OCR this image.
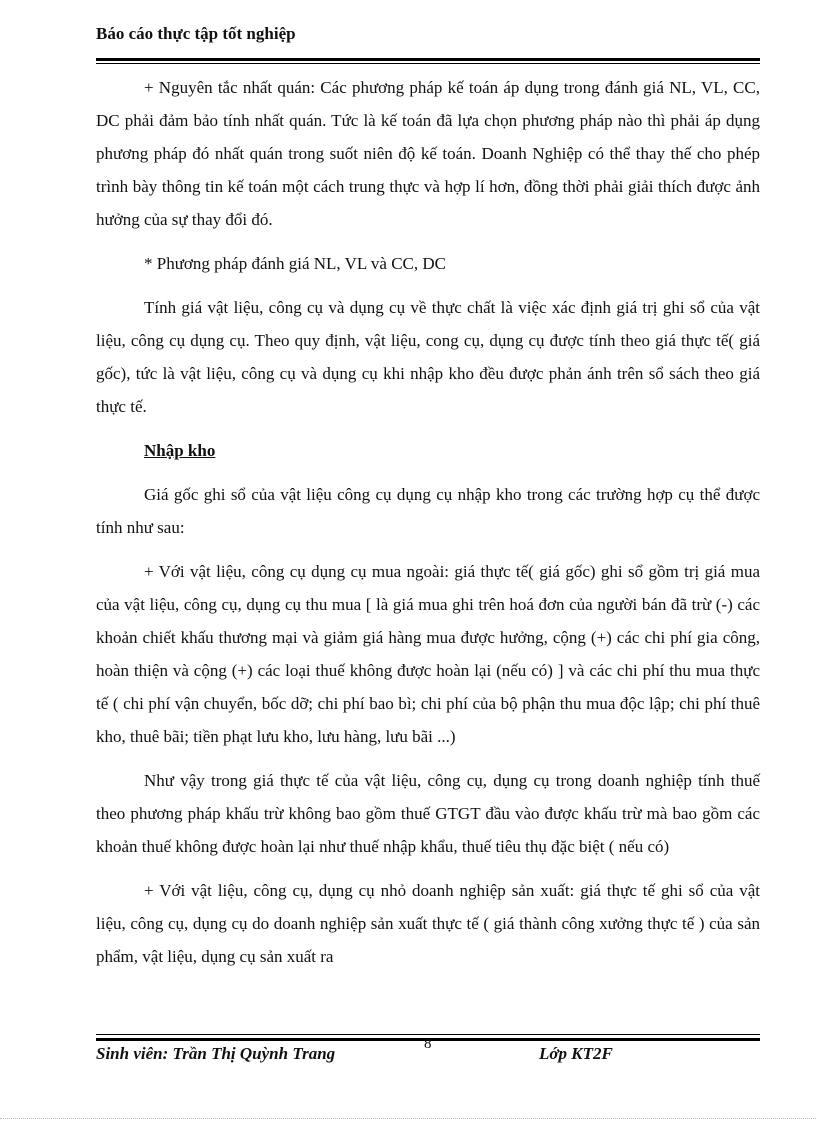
Báo cáo thực tập tốt nghiệp

+ Nguyên tắc nhất quán: Các phương pháp kế toán áp dụng trong đánh giá NL, VL, CC, DC phải đảm bảo tính nhất quán. Tức là kế toán đã lựa chọn phương pháp nào thì phải áp dụng phương pháp đó nhất quán trong suốt niên độ kế toán. Doanh Nghiệp có thể thay thế cho phép trình bày thông tin kế toán một cách trung thực và hợp lí hơn, đồng thời phải giải thích được ảnh hưởng của sự thay đổi đó.

* Phương pháp đánh giá NL, VL và CC, DC

Tính giá vật liệu, công cụ và dụng cụ về thực chất là việc xác định giá trị ghi sổ của vật liệu, công cụ dụng cụ. Theo quy định, vật liệu, cong cụ, dụng cụ được tính theo giá thực tế( giá gốc), tức là vật liệu, công cụ và dụng cụ khi nhập kho đều được phản ánh trên sổ sách theo giá thực tế.

Nhập kho

Giá gốc ghi sổ của vật liệu công cụ dụng cụ nhập kho trong các trường hợp cụ thể được tính như sau:

+ Với vật liệu, công cụ dụng cụ mua ngoài: giá thực tế( giá gốc) ghi sổ gồm trị giá mua của vật liệu, công cụ, dụng cụ thu mua [ là giá mua ghi trên hoá đơn của người bán đã trừ (-) các khoản chiết khấu thương mại và giảm giá hàng mua được hưởng, cộng (+) các chi phí gia công, hoàn thiện và cộng (+) các loại thuế không được hoàn lại (nếu có) ] và các chi phí thu mua thực tế ( chi phí vận chuyển, bốc dỡ; chi phí bao bì; chi phí của bộ phận thu mua độc lập; chi phí thuê kho, thuê bãi; tiền phạt lưu kho, lưu hàng, lưu bãi ...)

Như vậy trong giá thực tế của vật liệu, công cụ, dụng cụ trong doanh nghiệp tính thuế theo phương pháp khấu trừ không bao gồm thuế GTGT đầu vào được khấu trừ mà bao gồm các khoản thuế không được hoàn lại như thuế nhập khẩu, thuế tiêu thụ đặc biệt ( nếu có)

+ Với vật liệu, công cụ, dụng cụ nhỏ doanh nghiệp sản xuất: giá thực tế ghi sổ của vật liệu, công cụ, dụng cụ do doanh nghiệp sản xuất thực tế ( giá thành công xưởng thực tế ) của sản phẩm, vật liệu, dụng cụ sản xuất ra

Sinh viên: Trần Thị Quỳnh Trang	8	Lớp KT2F
